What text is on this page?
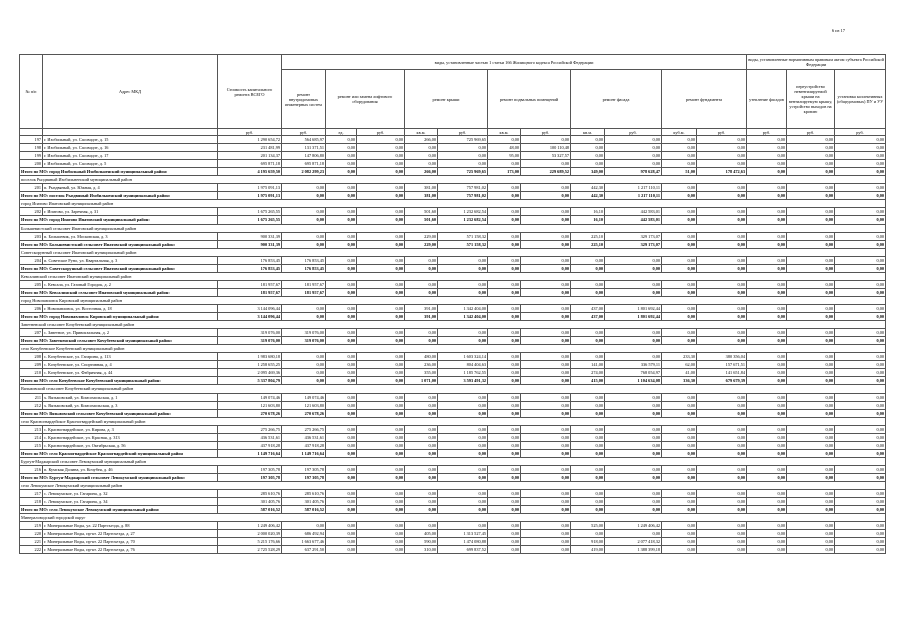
6 из 17
№ п/п	Адрес МКД	Стоимость капитального ремонта ВСЕГО	виды, установленные частью 1 статьи 166 Жилищного кодекса Российской Федерации											виды, установленные нормативным правовым актом субъекта Российской Федерации		
			ремонт внутридомовых инженерных систем	ремонт или замена лифтового оборудования		ремонт крыши		ремонт подвальных помещений		ремонт фасада		ремонт фундамента		утепление фасадов	переустройство невентилируемой крыши на вентилируемую крышу, устройство выходов на кровлю	установка коллективных (общедомовых) ПУ и УУ
		руб.	руб.	ед.	руб.	кв.м.	руб.	кв.м.	руб.	кв.м.	руб.	куб.м.	руб.	руб.	руб.	руб.
197	г. Изобильный, ул. Сассвидзе, д. 15	1 290 654,72	564 685,97	0,00	0,00	266,00	725 969,65	0,00	0,00	0,00	0,00	0,00	0,00	0,00	0,00	0,00
198	г. Изобильный, ул. Сассвидзе, д. 16	231 481,99	131 371,51	0,00	0,00	0,00	0,00	48,00	100 110,48	0,00	0,00	0,00	0,00	0,00	0,00	0,00
199	г. Изобильный, ул. Сассвидзе, д. 17	201 134,37	147 806,80	0,00	0,00	0,00	0,00	95,00	53 327,57	0,00	0,00	0,00	0,00	0,00	0,00	0,00
200	г. Изобильный, ул. Сассвидзе, д. 5	695 871,18	695 871,18	0,00	0,00	0,00	0,00	0,00	0,00	0,00	0,00	0,00	0,00	0,00	0,00	0,00
Итого по МО: город Изобильный Изобильненский муниципальный район:		4 195 659,50	2 082 299,23	0,00	0,00	266,00	725 969,65	173,00	229 689,52	349,00	978 628,47	51,00	178 472,63	0,00	0,00	0,00
поселок Рыздвяный Изобильненский муниципальный район																
201	п. Рыздвяный, ул. Южная, д. 4	1 975 091,13	0,00	0,00	0,00	381,00	757 981,02	0,00	0,00	442,30	1 217 110,11	0,00	0,00	0,00	0,00	0,00
Итого по МО: поселок Рыздвяный Изобильненский муниципальный район:		1 975 091,13	0,00	0,00	0,00	381,00	757 981,02	0,00	0,00	442,30	1 217 110,11	0,00	0,00	0,00	0,00	0,00
город Ипатово Ипатовский муниципальный район																
202	г. Ипатово, ул. Заречная, д. 31	1 675 265,55	0,00	0,00	0,00	501,60	1 232 682,54	0,00	0,00	16,10	442 583,01	0,00	0,00	0,00	0,00	0,00
Итого по МО: город Ипатово Ипатовский муниципальный район:		1 675 265,55	0,00	0,00	0,00	501,60	1 232 682,54	0,00	0,00	16,10	442 583,01	0,00	0,00	0,00	0,00	0,00
Большевистский сельсовет Ипатовский муниципальный район																
203	п. Большевик, ул. Московская, д. 3	900 331,39	0,00	0,00	0,00	229,00	571 158,32	0,00	0,00	225,10	329 173,07	0,00	0,00	0,00	0,00	0,00
Итого по МО: Большевистский сельсовет Ипатовский муниципальный район:		900 331,39	0,00	0,00	0,00	229,00	571 158,32	0,00	0,00	225,10	329 173,07	0,00	0,00	0,00	0,00	0,00
Советскорунный сельсовет Ипатовский муниципальный район																
204	п. Советское Руно, ул. Квартальная, д. 3	176 853,45	176 853,45	0,00	0,00	0,00	0,00	0,00	0,00	0,00	0,00	0,00	0,00	0,00	0,00	0,00
Итого по МО: Советскорунный сельсовет Ипатовский муниципальный район:		176 853,45	176 853,45	0,00	0,00	0,00	0,00	0,00	0,00	0,00	0,00	0,00	0,00	0,00	0,00	0,00
Кевсалинский сельсовет Ипатовский муниципальный район																
205	с. Кевсала, ул. Газовый Городок, д. 2	181 957,67	181 957,67	0,00	0,00	0,00	0,00	0,00	0,00	0,00	0,00	0,00	0,00	0,00	0,00	0,00
Итого по МО: Кевсалинский сельсовет Ипатовский муниципальный район:		181 957,67	181 957,67	0,00	0,00	0,00	0,00	0,00	0,00	0,00	0,00	0,00	0,00	0,00	0,00	0,00
город Новопавловск Кировский муниципальный район																
206	г. Новопавловск, ул. Восточная, д. 18	3 144 096,44	0,00	0,00	0,00	391,00	1 342 404,00	0,00	0,00	437,00	1 801 692,44	0,00	0,00	0,00	0,00	0,00
Итого по МО: город Новопавловск Кировский муниципальный район:		3 144 096,44	0,00	0,00	0,00	391,00	1 342 404,00	0,00	0,00	437,00	1 801 692,44	0,00	0,00	0,00	0,00	0,00
Заветненский сельсовет Кочубеевский муниципальный район																
207	с. Заветное, ул. Привокзальная, д. 2	319 076,00	319 076,00	0,00	0,00	0,00	0,00	0,00	0,00	0,00	0,00	0,00	0,00	0,00	0,00	0,00
Итого по МО: Заветненский сельсовет Кочубеевский муниципальный район:		319 076,00	319 076,00	0,00	0,00	0,00	0,00	0,00	0,00	0,00	0,00	0,00	0,00	0,00	0,00	0,00
село Кочубеевское Кочубеевский муниципальный район																
208	с. Кочубеевское, ул. Гагарина, д. 113	1 983 680,18	0,00	0,00	0,00	480,00	1 603 324,14	0,00	0,00	0,00	0,00	233,30	380 356,04	0,00	0,00	0,00
209	с. Кочубеевское, ул. Спортивная, д. 4	1 258 655,25	0,00	0,00	0,00	236,00	804 404,63	0,00	0,00	141,00	336 579,11	62,00	157 671,51	0,00	0,00	0,00
210	с. Кочубеевское, ул. Фабричная, д. 44	2 095 469,36	0,00	0,00	0,00	355,00	1 185 762,55	0,00	0,00	274,00	768 054,97	41,00	141 651,84	0,00	0,00	0,00
Итого по МО: село Кочубеевское Кочубеевский муниципальный район:		5 337 804,79	0,00	0,00	0,00	1 071,00	3 593 491,32	0,00	0,00	415,00	1 104 634,08	336,30	679 679,39	0,00	0,00	0,00
Вязьмовский сельсовет Кочубеевский муниципальный район																
211	х. Вязьмовский, ул. Комсомольская, д. 1	149 074,46	149 074,46	0,00	0,00	0,00	0,00	0,00	0,00	0,00	0,00	0,00	0,00	0,00	0,00	0,00
212	х. Вязьмовский, ул. Комсомольская, д. 3	121 603,80	121 603,80	0,00	0,00	0,00	0,00	0,00	0,00	0,00	0,00	0,00	0,00	0,00	0,00	0,00
Итого по МО: Вязьмовский сельсовет Кочубеевский муниципальный район:		270 678,26	270 678,26	0,00	0,00	0,00	0,00	0,00	0,00	0,00	0,00	0,00	0,00	0,00	0,00	0,00
село Красногвардейское Красногвардейский муниципальный район																
213	с. Красногвардейское, ул. Кирова, д. 3	275 266,75	275 266,75	0,00	0,00	0,00	0,00	0,00	0,00	0,00	0,00	0,00	0,00	0,00	0,00	0,00
214	с. Красногвардейское, ул. Красная, д. 313	436 531,61	436 531,61	0,00	0,00	0,00	0,00	0,00	0,00	0,00	0,00	0,00	0,00	0,00	0,00	0,00
215	с. Красногвардейское, ул. Октябрьская, д. 56	437 918,28	437 918,28	0,00	0,00	0,00	0,00	0,00	0,00	0,00	0,00	0,00	0,00	0,00	0,00	0,00
Итого по МО: село Красногвардейское Красногвардейский муниципальный район		1 149 716,64	1 149 716,64	0,00	0,00	0,00	0,00	0,00	0,00	0,00	0,00	0,00	0,00	0,00	0,00	0,00
Бургун-Маджарский сельсовет Левокумский муниципальный район																
216	п. Кумская Долина, ул. Кочубея, д. 46	197 305,78	197 305,78	0,00	0,00	0,00	0,00	0,00	0,00	0,00	0,00	0,00	0,00	0,00	0,00	0,00
Итого по МО: Бургун-Маджарский сельсовет Левокумский муниципальный район:		197 305,78	197 305,78	0,00	0,00	0,00	0,00	0,00	0,00	0,00	0,00	0,00	0,00	0,00	0,00	0,00
село Левокумское Левокумский муниципальный район																
217	с. Левокумское, ул. Гагарина, д. 32	285 610,76	285 610,76	0,00	0,00	0,00	0,00	0,00	0,00	0,00	0,00	0,00	0,00	0,00	0,00	0,00
218	с. Левокумское, ул. Гагарина, д. 34	301 405,76	301 405,76	0,00	0,00	0,00	0,00	0,00	0,00	0,00	0,00	0,00	0,00	0,00	0,00	0,00
Итого по МО: село Левокумское Левокумский муниципальный район:		587 016,52	587 016,52	0,00	0,00	0,00	0,00	0,00	0,00	0,00	0,00	0,00	0,00	0,00	0,00	0,00
Минераловодский городской округ																
219	г. Минеральные Воды, ул. 22 Партсъезда, д. 88	1 249 406,42	0,00	0,00	0,00	0,00	0,00	0,00	0,00	525,00	1 249 406,42	0,00	0,00	0,00	0,00	0,00
220	г. Минеральные Воды, пр-кт. 22 Партсъезда, д. 27	2 000 020,39	686 492,94	0,00	0,00	405,00	1 313 527,45	0,00	0,00	0,00	0,00	0,00	0,00	0,00	0,00	0,00
221	г. Минеральные Воды, пр-кт. 22 Партсъезда, д. 70	5 215 176,66	1 663 677,46	0,00	0,00	590,00	1 474 080,88	0,00	0,00	918,00	2 077 418,32	0,00	0,00	0,00	0,00	0,00
222	г. Минеральные Воды, пр-кт. 22 Партсъезда, д. 76	2 725 528,29	637 291,50	0,00	0,00	310,00	699 837,52	0,00	0,00	419,00	1 388 399,18	0,00	0,00	0,00	0,00	0,00
